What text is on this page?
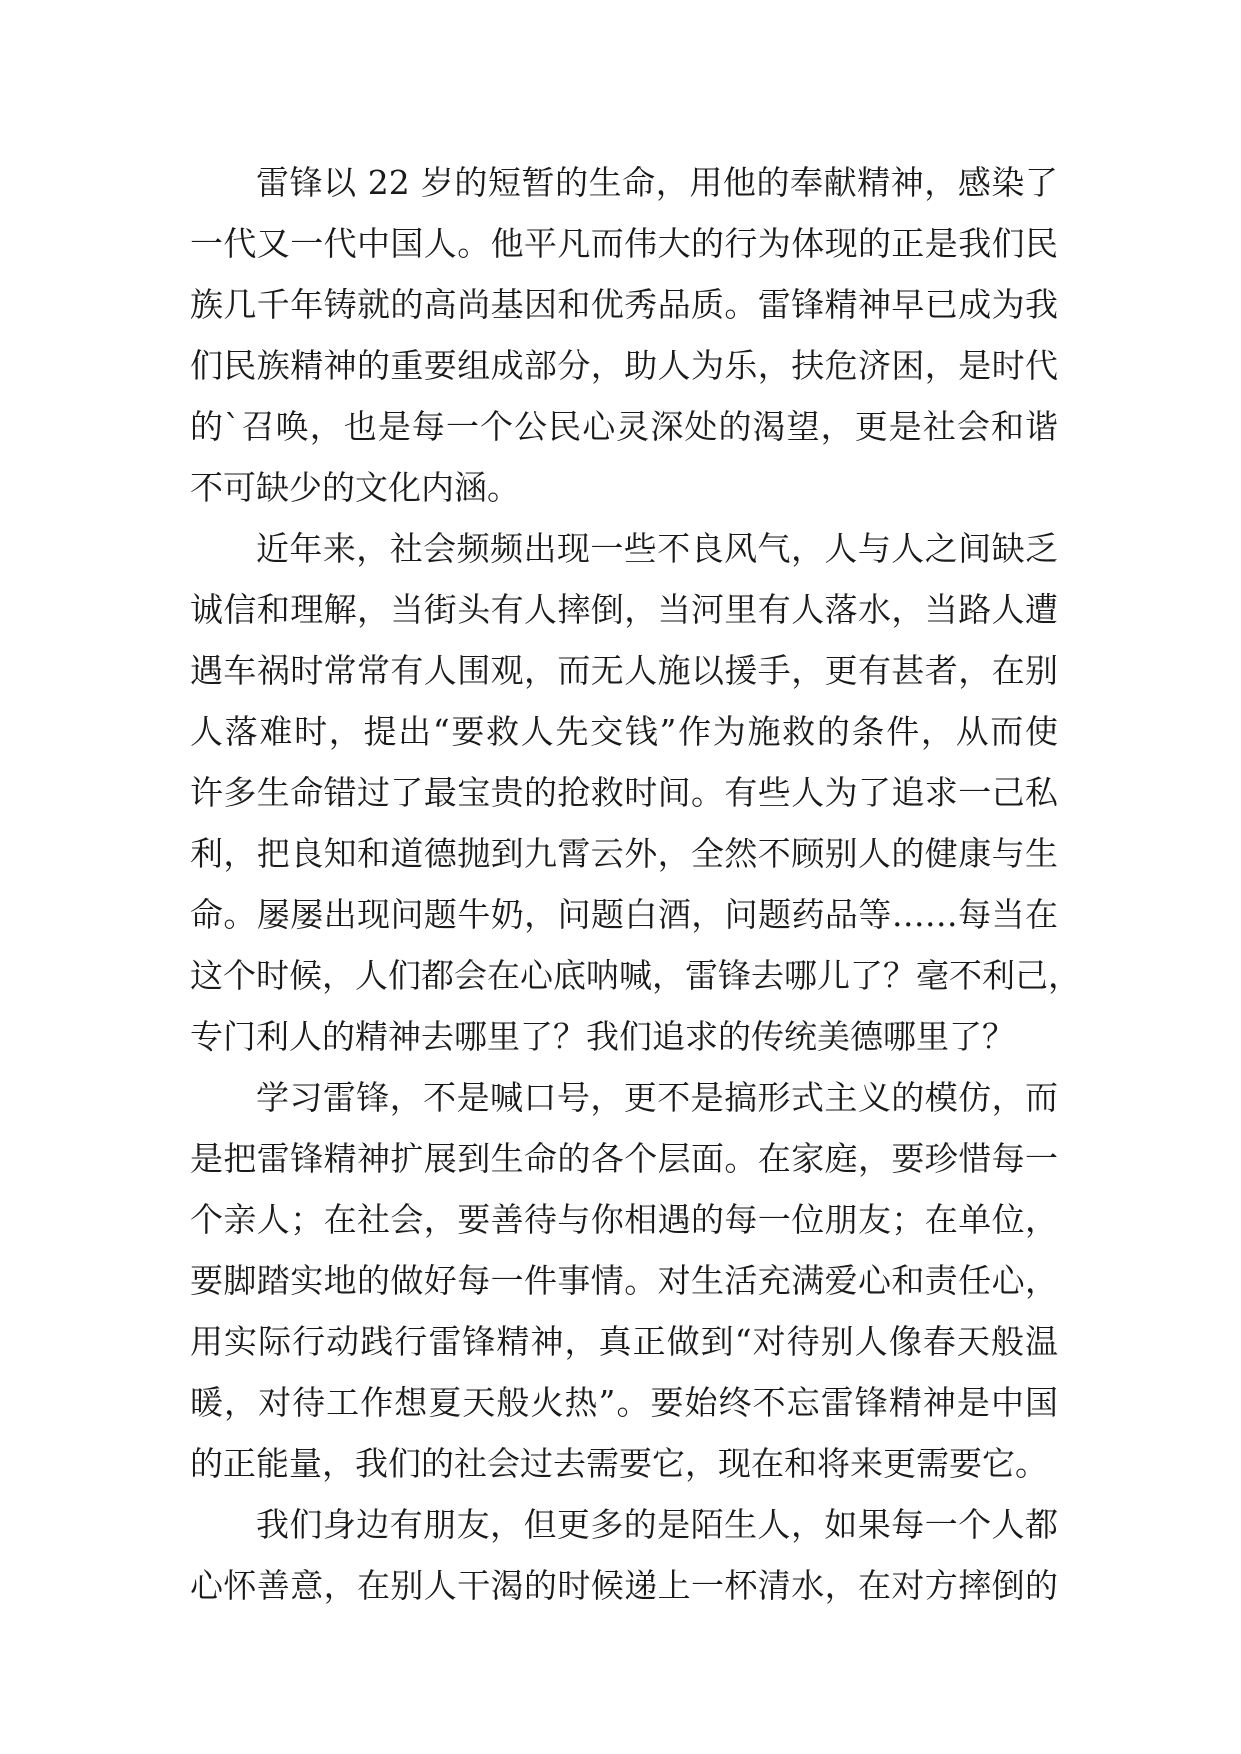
雷锋以 22 岁的短暂的生命，用他的奉献精神，感染了
一代又一代中国人。他平凡而伟大的行为体现的正是我们民
族几千年铸就的高尚基因和优秀品质。雷锋精神早已成为我
们民族精神的重要组成部分，助人为乐，扶危济困，是时代
的`召唤，也是每一个公民心灵深处的渴望，更是社会和谐
不可缺少的文化内涵。
近年来，社会频频出现一些不良风气，人与人之间缺乏
诚信和理解，当街头有人摔倒，当河里有人落水，当路人遭
遇车祸时常常有人围观，而无人施以援手，更有甚者，在别
人落难时，提出“要救人先交钱”作为施救的条件，从而使
许多生命错过了最宝贵的抢救时间。有些人为了追求一己私
利，把良知和道德抛到九霄云外，全然不顾别人的健康与生
命。屡屡出现问题牛奶，问题白酒，问题药品等……每当在
这个时候，人们都会在心底呐喊，雷锋去哪儿了？毫不利己，
专门利人的精神去哪里了？我们追求的传统美德哪里了？
学习雷锋，不是喊口号，更不是搞形式主义的模仿，而
是把雷锋精神扩展到生命的各个层面。在家庭，要珍惜每一
个亲人；在社会，要善待与你相遇的每一位朋友；在单位，
要脚踏实地的做好每一件事情。对生活充满爱心和责任心，
用实际行动践行雷锋精神，真正做到“对待别人像春天般温
暖，对待工作想夏天般火热”。要始终不忘雷锋精神是中国
的正能量，我们的社会过去需要它，现在和将来更需要它。
我们身边有朋友，但更多的是陌生人，如果每一个人都
心怀善意，在别人干渴的时候递上一杯清水，在对方摔倒的
